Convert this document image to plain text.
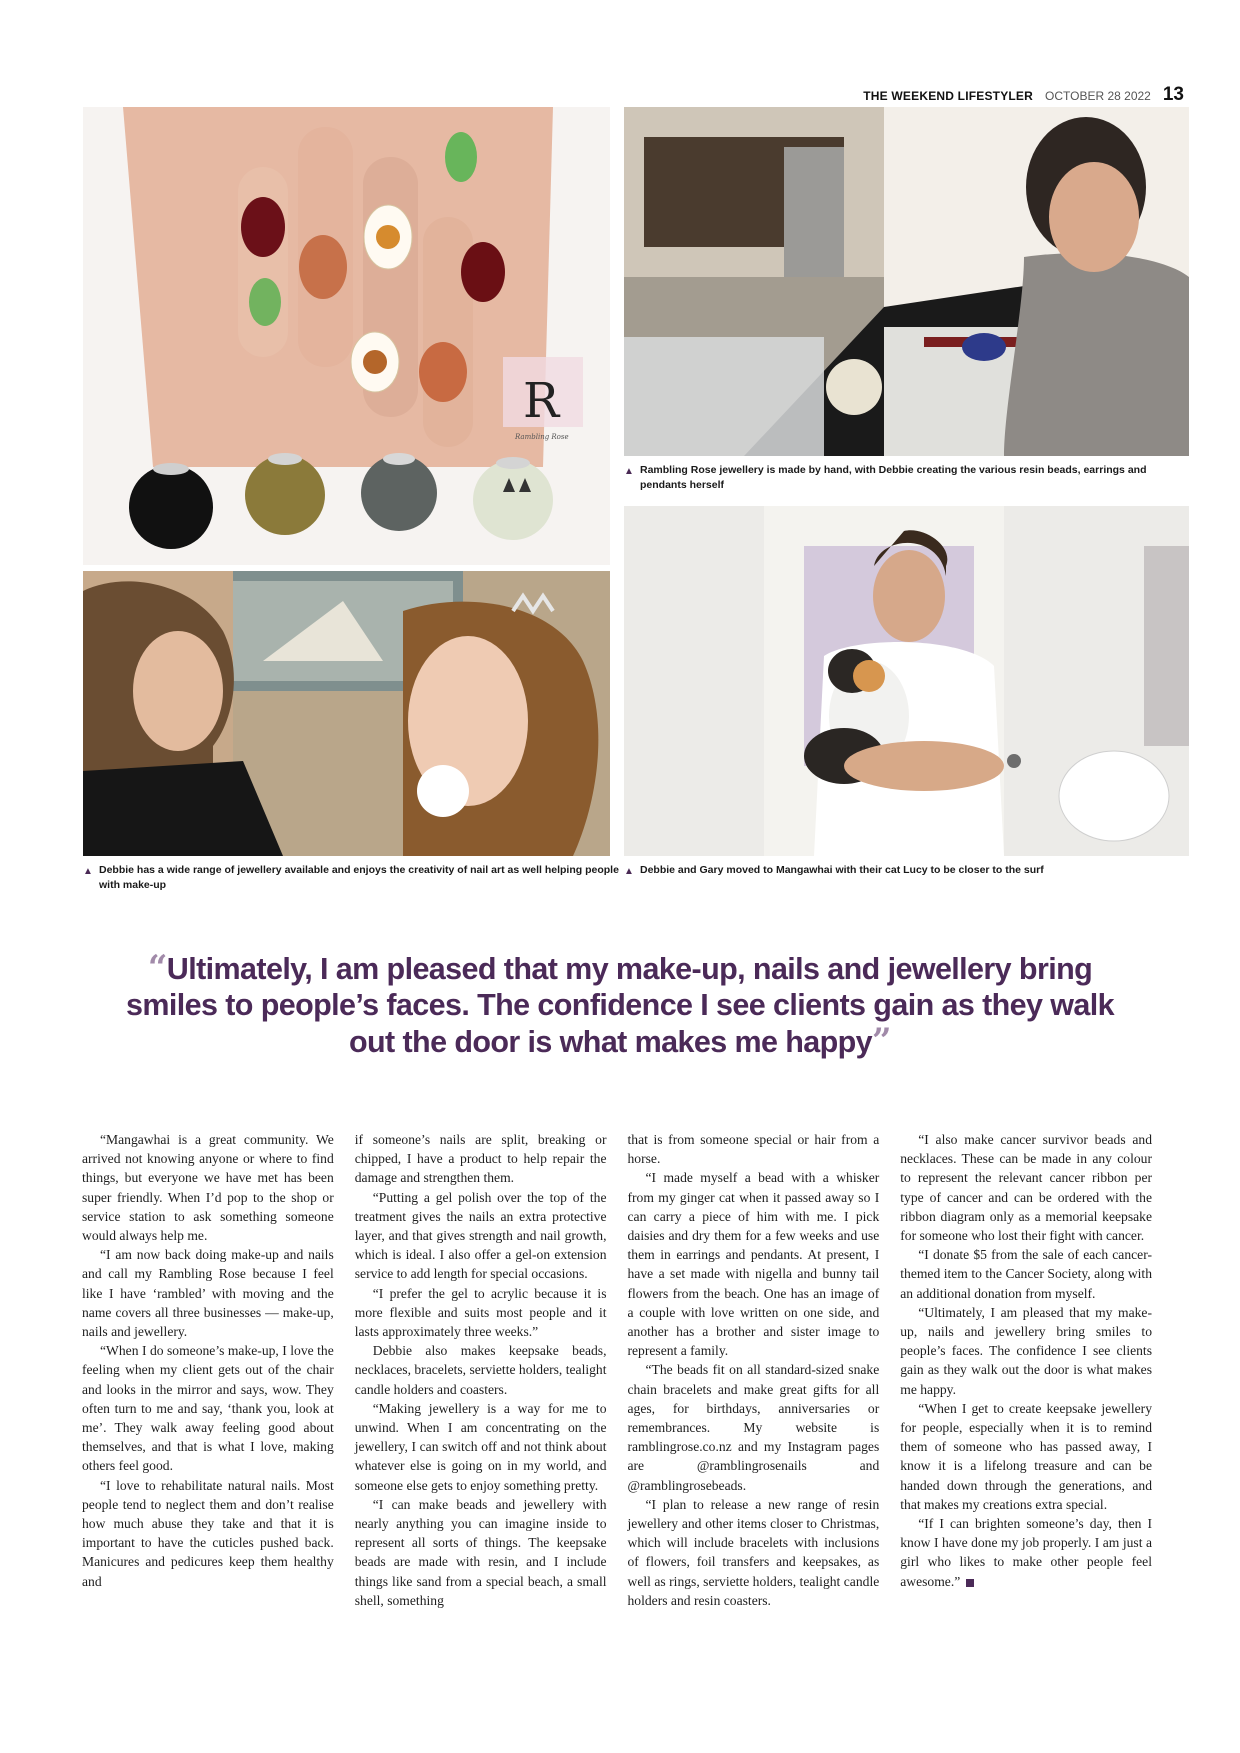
THE WEEKEND LIFESTYLER OCTOBER 28 2022 13
R
Rambling Rose
▲ Rambling Rose jewellery is made by hand, with Debbie creating the various resin beads, earrings and pendants herself
▲ Debbie has a wide range of jewellery available and enjoys the creativity of nail art as well helping people with make-up
▲ Debbie and Gary moved to Mangawhai with their cat Lucy to be closer to the surf
“Ultimately, I am pleased that my make-up, nails and jewellery bring smiles to people’s faces. The confidence I see clients gain as they walk out the door is what makes me happy”

“Mangawhai is a great community. We arrived not knowing anyone or where to find things, but everyone we have met has been super friendly. When I’d pop to the shop or service station to ask something someone would always help me.

“I am now back doing make-up and nails and call my Rambling Rose because I feel like I have ‘rambled’ with moving and the name covers all three businesses — make-up, nails and jewellery.

“When I do someone’s make-up, I love the feeling when my client gets out of the chair and looks in the mirror and says, wow. They often turn to me and say, ‘thank you, look at me’. They walk away feeling good about themselves, and that is what I love, making others feel good.

“I love to rehabilitate natural nails. Most people tend to neglect them and don’t realise how much abuse they take and that it is important to have the cuticles pushed back. Manicures and pedicures keep them healthy and

if someone’s nails are split, breaking or chipped, I have a product to help repair the damage and strengthen them.

“Putting a gel polish over the top of the treatment gives the nails an extra protective layer, and that gives strength and nail growth, which is ideal. I also offer a gel-on extension service to add length for special occasions.

“I prefer the gel to acrylic because it is more flexible and suits most people and it lasts approximately three weeks.”

Debbie also makes keepsake beads, necklaces, bracelets, serviette holders, tealight candle holders and coasters.

“Making jewellery is a way for me to unwind. When I am concentrating on the jewellery, I can switch off and not think about whatever else is going on in my world, and someone else gets to enjoy something pretty.

“I can make beads and jewellery with nearly anything you can imagine inside to represent all sorts of things. The keepsake beads are made with resin, and I include things like sand from a special beach, a small shell, something

that is from someone special or hair from a horse.

“I made myself a bead with a whisker from my ginger cat when it passed away so I can carry a piece of him with me. I pick daisies and dry them for a few weeks and use them in earrings and pendants. At present, I have a set made with nigella and bunny tail flowers from the beach. One has an image of a couple with love written on one side, and another has a brother and sister image to represent a family.

“The beads fit on all standard-sized snake chain bracelets and make great gifts for all ages, for birthdays, anniversaries or remembrances. My website is ramblingrose.co.nz and my Instagram pages are @ramblingrosenails and @ramblingrosebeads.

“I plan to release a new range of resin jewellery and other items closer to Christmas, which will include bracelets with inclusions of flowers, foil transfers and keepsakes, as well as rings, serviette holders, tealight candle holders and resin coasters.

“I also make cancer survivor beads and necklaces. These can be made in any colour to represent the relevant cancer ribbon per type of cancer and can be ordered with the ribbon diagram only as a memorial keepsake for someone who lost their fight with cancer.

“I donate $5 from the sale of each cancer-themed item to the Cancer Society, along with an additional donation from myself.

“Ultimately, I am pleased that my make-up, nails and jewellery bring smiles to people’s faces. The confidence I see clients gain as they walk out the door is what makes me happy.

“When I get to create keepsake jewellery for people, especially when it is to remind them of someone who has passed away, I know it is a lifelong treasure and can be handed down through the generations, and that makes my creations extra special.

“If I can brighten someone’s day, then I know I have done my job properly. I am just a girl who likes to make other people feel awesome.”
